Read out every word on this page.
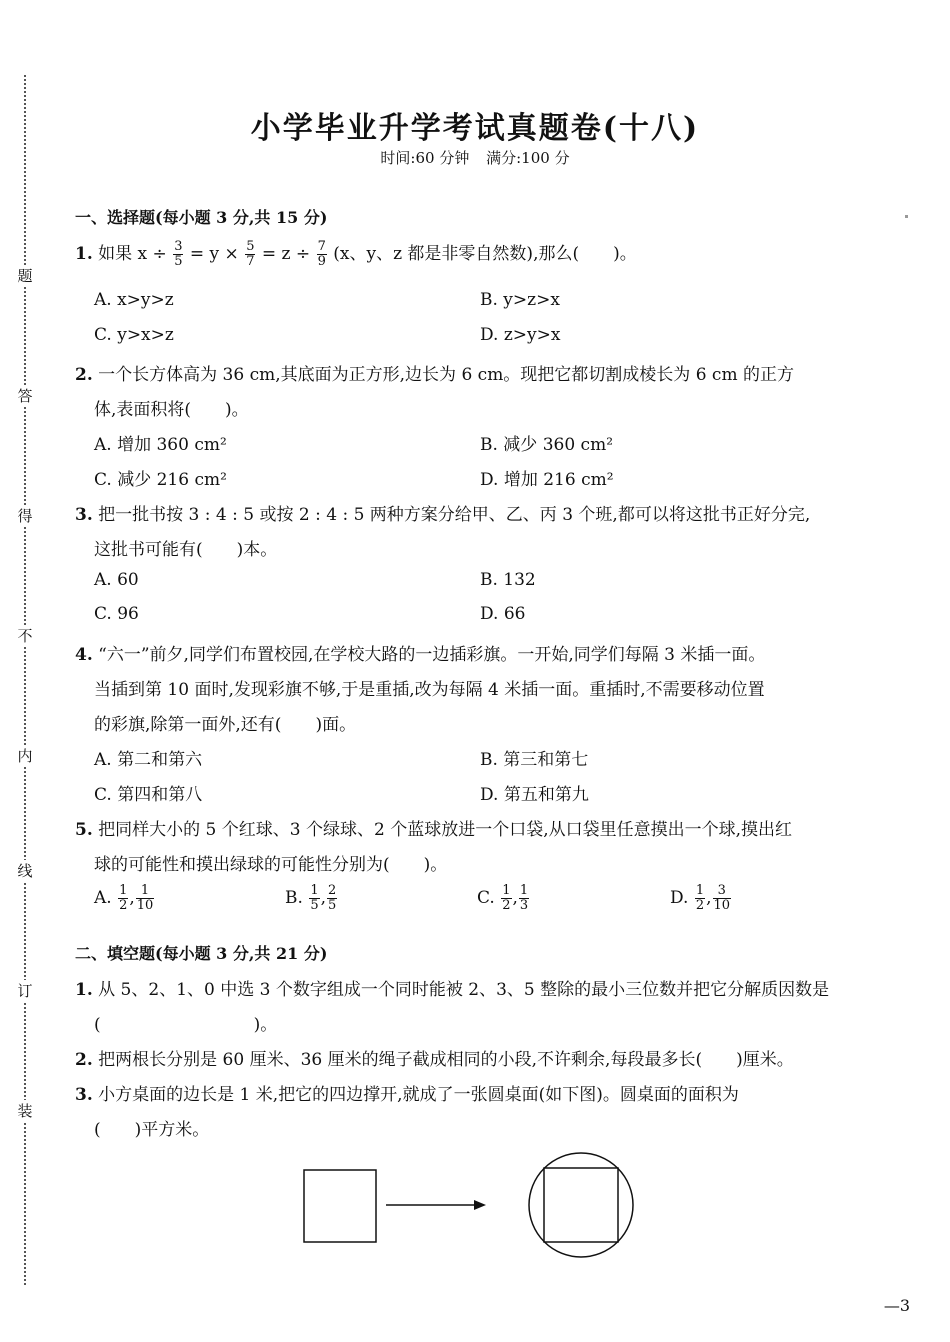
题
答
得
不
内
线
订
装
小学毕业升学考试真题卷(十八)
时间:60 分钟 满分:100 分
一、选择题(每小题 3 分,共 15 分)
1. 如果 $x \div \frac{3}{5} = y \times \frac{5}{7} = z \div \frac{7}{9} (x$、y、z 都是非零自然数),那么(　　)。
A. x>y>z	B. y>z>x
C. y>x>z	D. z>y>x
2. 一个长方体高为 36 cm,其底面为正方形,边长为 6 cm。现把它都切割成棱长为 6 cm 的正方
体,表面积将(　　)。
A. 增加 360 cm²	B. 减少 360 cm²
C. 减少 216 cm²	D. 增加 216 cm²
3. 把一批书按 3 : 4 : 5 或按 2 : 4 : 5 两种方案分给甲、乙、丙 3 个班,都可以将这批书正好分完,
这批书可能有(　　)本。
A. 60	B. 132
C. 96	D. 66
4. “六一”前夕,同学们布置校园,在学校大路的一边插彩旗。一开始,同学们每隔 3 米插一面。
当插到第 10 面时,发现彩旗不够,于是重插,改为每隔 4 米插一面。重插时,不需要移动位置
的彩旗,除第一面外,还有(　　)面。
A. 第二和第六	B. 第三和第七
C. 第四和第八	D. 第五和第九
5. 把同样大小的 5 个红球、3 个绿球、2 个蓝球放进一个口袋,从口袋里任意摸出一个球,摸出红
球的可能性和摸出绿球的可能性分别为(　　)。
A. $\frac{1}{2}$ , $\frac{1}{10}$	B. $\frac{1}{5}$ , $\frac{2}{5}$	C. $\frac{1}{2}$ , $\frac{1}{3}$	D. $\frac{1}{2}$ , $\frac{3}{10}$
二、填空题(每小题 3 分,共 21 分)
1. 从 5、2、1、0 中选 3 个数字组成一个同时能被 2、3、5 整除的最小三位数并把它分解质因数是
(　　　　　　　　　)。
2. 把两根长分别是 60 厘米、36 厘米的绳子截成相同的小段,不许剩余,每段最多长(　　)厘米。
3. 小方桌面的边长是 1 米,把它的四边撑开,就成了一张圆桌面(如下图)。圆桌面的面积为
(　　)平方米。
—3
